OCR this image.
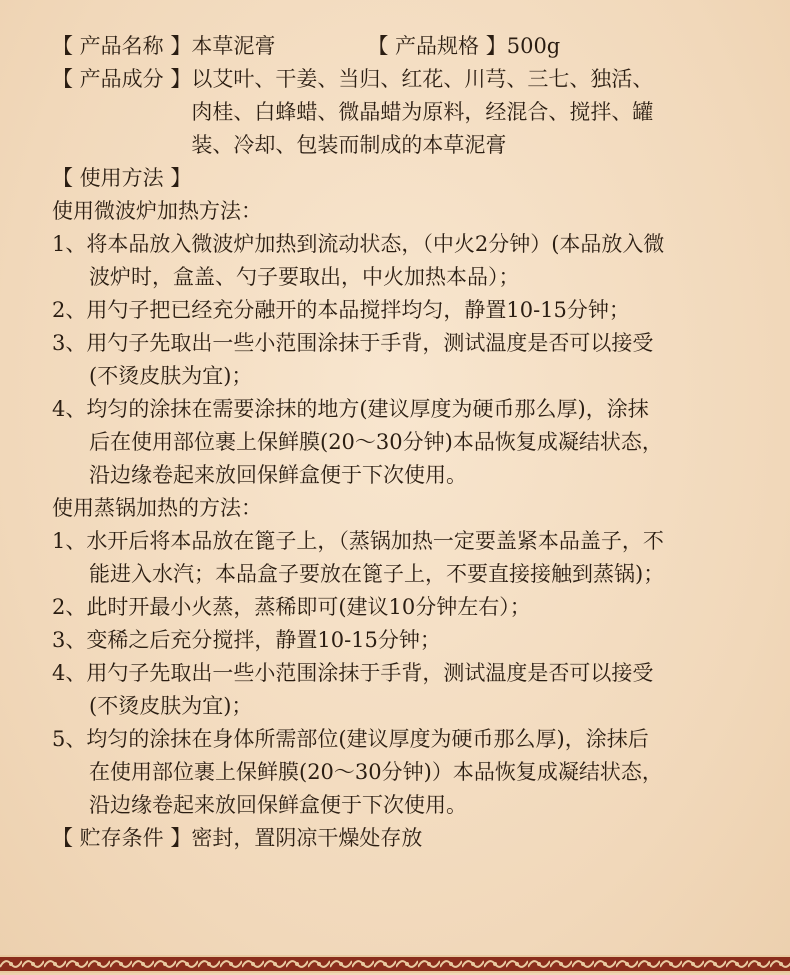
【 产品名称 】本草泥膏	【 产品规格 】500g
【 产品成分 】 以艾叶、干姜、当归、红花、川芎、三七、独活、
肉桂、白蜂蜡、微晶蜡为原料，经混合、搅拌、罐
装、冷却、包装而制成的本草泥膏
【 使用方法 】
使用微波炉加热方法：
1、将本品放入微波炉加热到流动状态，（中火2分钟）(本品放入微
波炉时，盒盖、勺子要取出，中火加热本品）；
2、用勺子把已经充分融开的本品搅拌均匀，静置10-15分钟；
3、用勺子先取出一些小范围涂抹于手背，测试温度是否可以接受
(不烫皮肤为宜)；
4、均匀的涂抹在需要涂抹的地方(建议厚度为硬币那么厚)，涂抹
后在使用部位裹上保鲜膜(20～30分钟)本品恢复成凝结状态，
沿边缘卷起来放回保鲜盒便于下次使用。
使用蒸锅加热的方法：
1、水开后将本品放在篦子上，（蒸锅加热一定要盖紧本品盖子，不
能进入水汽；本品盒子要放在篦子上，不要直接接触到蒸锅)；
2、此时开最小火蒸，蒸稀即可(建议10分钟左右）；
3、变稀之后充分搅拌，静置10-15分钟；
4、用勺子先取出一些小范围涂抹于手背，测试温度是否可以接受
(不烫皮肤为宜)；
5、均匀的涂抹在身体所需部位(建议厚度为硬币那么厚)，涂抹后
在使用部位裹上保鲜膜(20～30分钟)）本品恢复成凝结状态，
沿边缘卷起来放回保鲜盒便于下次使用。
【 贮存条件 】密封，置阴凉干燥处存放
